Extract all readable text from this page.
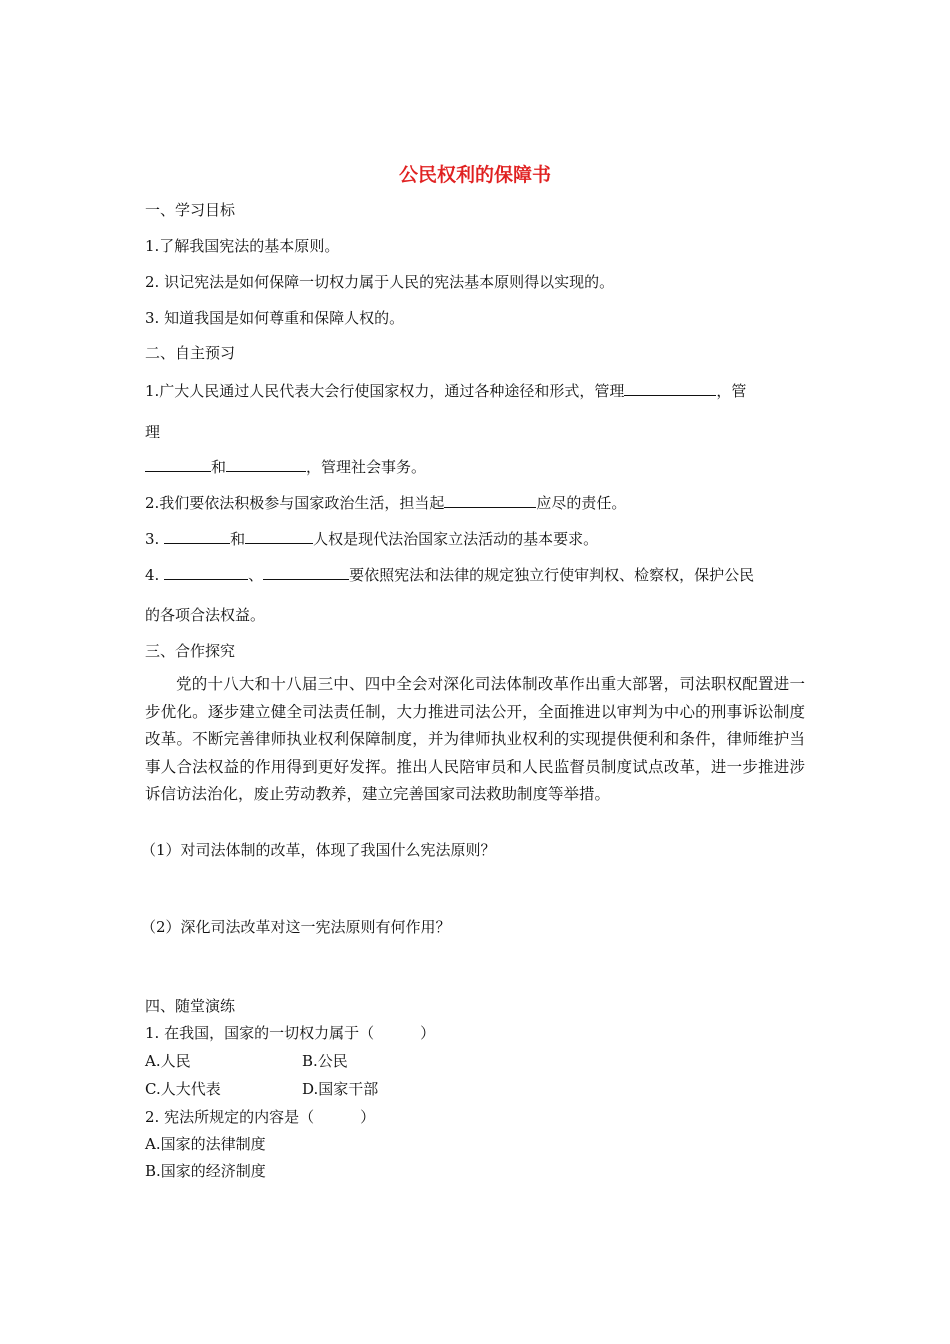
公民权利的保障书
一、学习目标
1.了解我国宪法的基本原则。
2. 识记宪法是如何保障一切权力属于人民的宪法基本原则得以实现的。
3. 知道我国是如何尊重和保障人权的。
二、自主预习
1.广大人民通过人民代表大会行使国家权力，通过各种途径和形式，管理	，管
理
和	，管理社会事务。
2.我们要依法积极参与国家政治生活，担当起	应尽的责任。
3.	和	人权是现代法治国家立法活动的基本要求。
4.	、	要依照宪法和法律的规定独立行使审判权、检察权，保护公民
的各项合法权益。
三、合作探究
党的十八大和十八届三中、四中全会对深化司法体制改革作出重大部署，司法职权配置进一步优化。逐步建立健全司法责任制，大力推进司法公开，全面推进以审判为中心的刑事诉讼制度改革。不断完善律师执业权利保障制度，并为律师执业权利的实现提供便利和条件，律师维护当事人合法权益的作用得到更好发挥。推出人民陪审员和人民监督员制度试点改革，进一步推进涉诉信访法治化，废止劳动教养，建立完善国家司法救助制度等举措。
（1）对司法体制的改革，体现了我国什么宪法原则？
（2）深化司法改革对这一宪法原则有何作用？
四、随堂演练
1. 在我国，国家的一切权力属于（	）
A.人民	B.公民
C.人大代表	D.国家干部
2. 宪法所规定的内容是（	）
A.国家的法律制度
B.国家的经济制度
